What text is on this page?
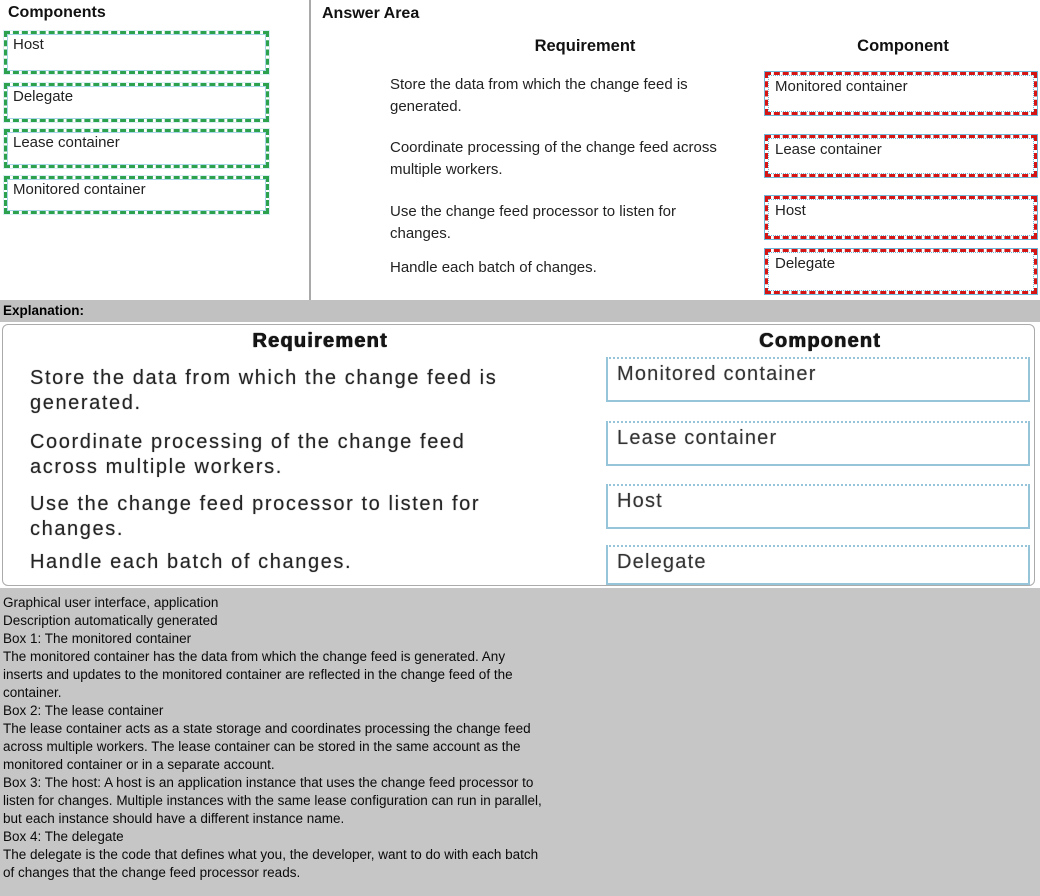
Components
Host
Delegate
Lease container
Monitored container
Answer Area
Requirement	Component
Store the data from which the change feed is generated.
Coordinate processing of the change feed across multiple workers.
Use the change feed processor to listen for changes.
Handle each batch of changes.
Monitored container
Lease container
Host
Delegate
Explanation:
Requirement	Component
Store the data from which the change feed is generated.
Coordinate processing of the change feed across multiple workers.
Use the change feed processor to listen for changes.
Handle each batch of changes.
Monitored container
Lease container
Host
Delegate
Graphical user interface, application
Description automatically generated
Box 1: The monitored container
The monitored container has the data from which the change feed is generated. Any
inserts and updates to the monitored container are reflected in the change feed of the
container.
Box 2: The lease container
The lease container acts as a state storage and coordinates processing the change feed
across multiple workers. The lease container can be stored in the same account as the
monitored container or in a separate account.
Box 3: The host: A host is an application instance that uses the change feed processor to
listen for changes. Multiple instances with the same lease configuration can run in parallel,
but each instance should have a different instance name.
Box 4: The delegate
The delegate is the code that defines what you, the developer, want to do with each batch
of changes that the change feed processor reads.
